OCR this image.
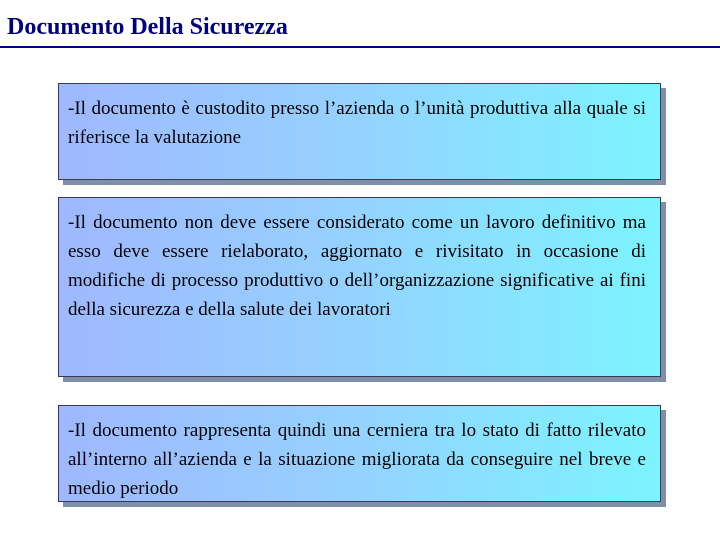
Documento Della Sicurezza

-Il documento è custodito presso l’azienda o l’unità produttiva alla quale si riferisce la valutazione

-Il documento non deve essere considerato come un lavoro definitivo ma esso deve essere rielaborato, aggiornato e rivisitato in occasione di modifiche di processo produttivo o dell’organizzazione significative ai fini della sicurezza e della salute dei lavoratori

-Il documento rappresenta quindi una cerniera tra lo stato di fatto rilevato all’interno all’azienda e la situazione migliorata da conseguire nel breve e medio periodo
